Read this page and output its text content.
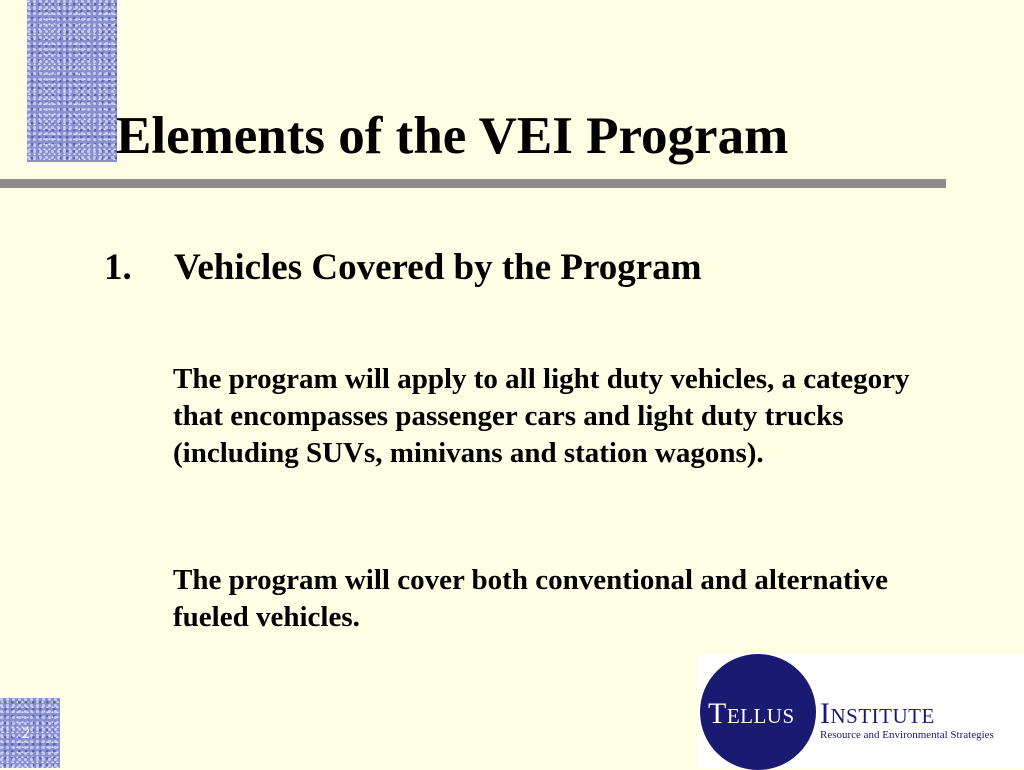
Elements of the VEI Program
1. Vehicles Covered by the Program

The program will apply to all light duty vehicles, a category that encompasses passenger cars and light duty trucks (including SUVs, minivans and station wagons).

The program will cover both conventional and alternative fueled vehicles.

2
Tellus Institute
Resource and Environmental Strategies
